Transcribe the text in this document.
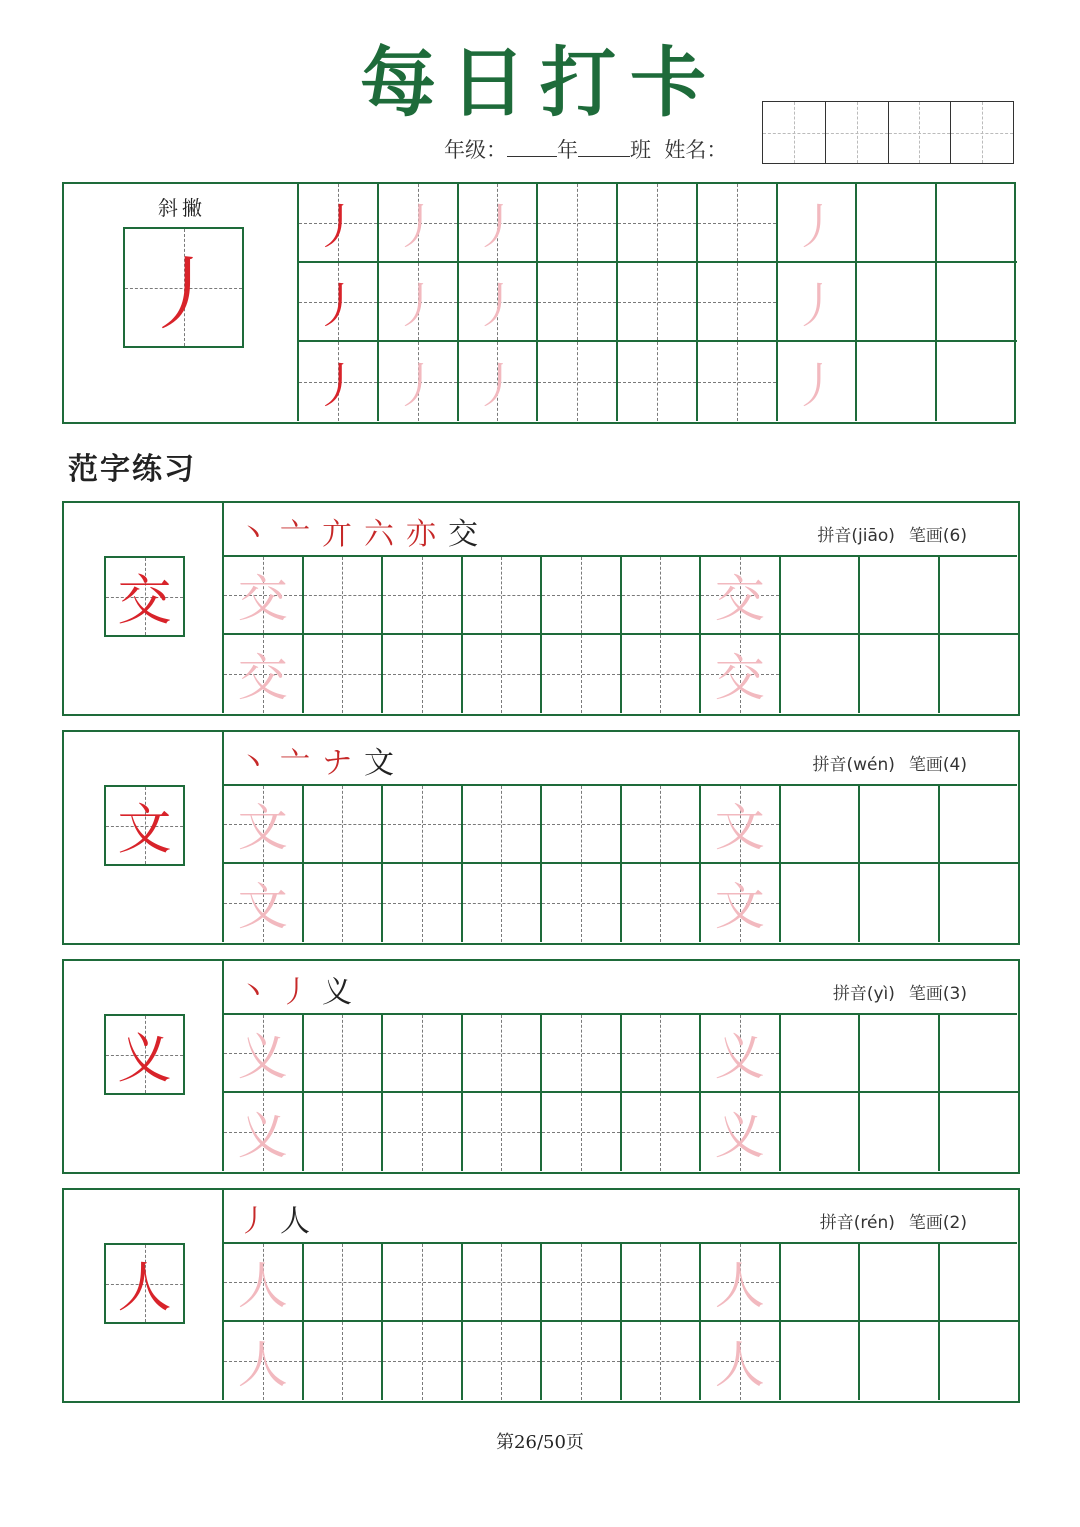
每日打卡
年级： 年 班 姓名：
斜撇
丿
丿 丿 丿	丿
丿 丿 丿	丿
丿 丿 丿	丿
范字练习
交
丶 亠 亣 六 亦 交	拼音(jiāo) 笔画(6)
交	交
交	交
文
丶 亠 ナ 文	拼音(wén) 笔画(4)
文	文
文	文
义
丶 丿 义	拼音(yì) 笔画(3)
义	义
义	义
人
丿 人	拼音(rén) 笔画(2)
人	人
人	人
第26/50页
